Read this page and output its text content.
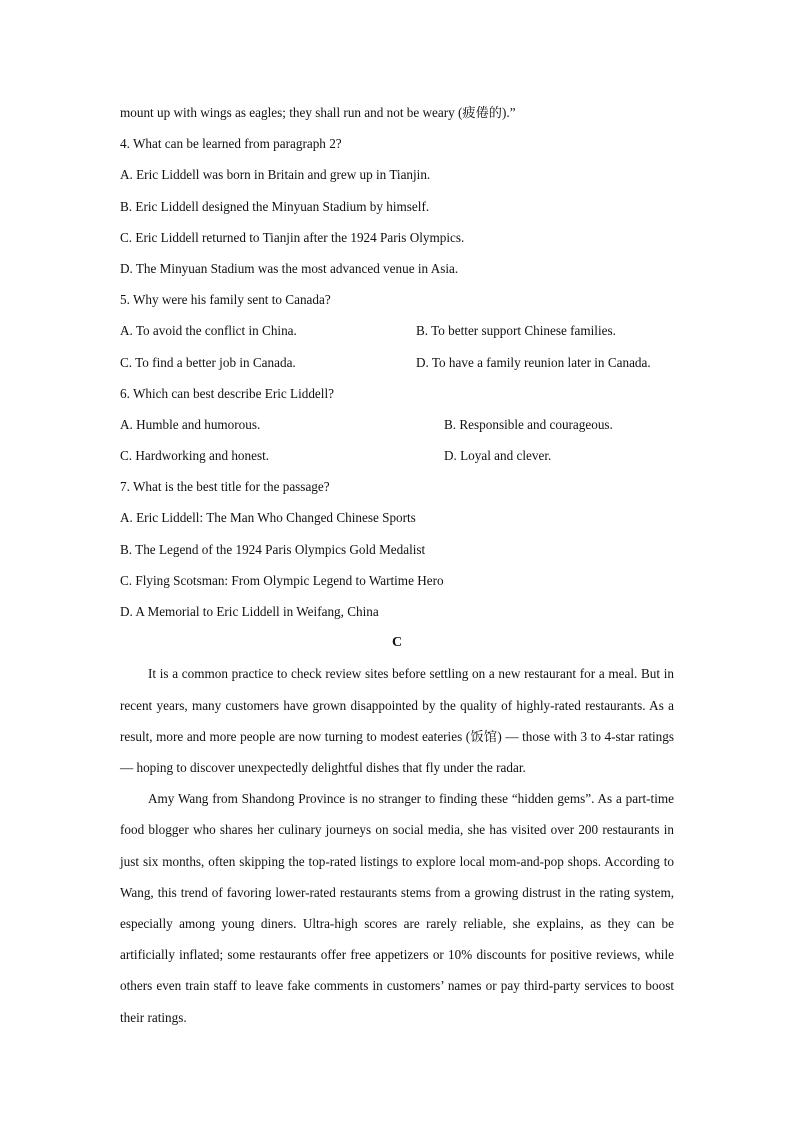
mount up with wings as eagles; they shall run and not be weary (疲倦的).”
4. What can be learned from paragraph 2?
A. Eric Liddell was born in Britain and grew up in Tianjin.
B. Eric Liddell designed the Minyuan Stadium by himself.
C. Eric Liddell returned to Tianjin after the 1924 Paris Olympics.
D. The Minyuan Stadium was the most advanced venue in Asia.
5. Why were his family sent to Canada?
A. To avoid the conflict in China.	B. To better support Chinese families.
C. To find a better job in Canada.	D. To have a family reunion later in Canada.
6. Which can best describe Eric Liddell?
A. Humble and humorous.	B. Responsible and courageous.
C. Hardworking and honest.	D. Loyal and clever.
7. What is the best title for the passage?
A. Eric Liddell: The Man Who Changed Chinese Sports
B. The Legend of the 1924 Paris Olympics Gold Medalist
C. Flying Scotsman: From Olympic Legend to Wartime Hero
D. A Memorial to Eric Liddell in Weifang, China
C

It is a common practice to check review sites before settling on a new restaurant for a meal. But in recent years, many customers have grown disappointed by the quality of highly-rated restaurants. As a result, more and more people are now turning to modest eateries (饭馆) — those with 3 to 4-star ratings — hoping to discover unexpectedly delightful dishes that fly under the radar.

Amy Wang from Shandong Province is no stranger to finding these “hidden gems”. As a part-time food blogger who shares her culinary journeys on social media, she has visited over 200 restaurants in just six months, often skipping the top-rated listings to explore local mom-and-pop shops. According to Wang, this trend of favoring lower-rated restaurants stems from a growing distrust in the rating system, especially among young diners. Ultra-high scores are rarely reliable, she explains, as they can be artificially inflated; some restaurants offer free appetizers or 10% discounts for positive reviews, while others even train staff to leave fake comments in customers’ names or pay third-party services to boost their ratings.
